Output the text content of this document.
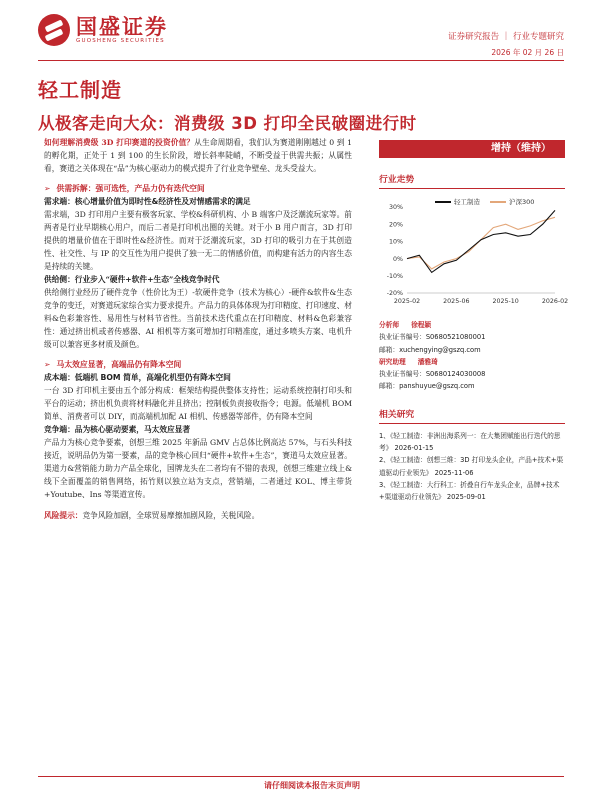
国盛证券
GUOSHENG SECURITIES	证券研究报告 ｜ 行业专题研究
2026 年 02 月 26 日
轻工制造
从极客走向大众：消费级 3D 打印全民破圈进行时

如何理解消费级 3D 打印赛道的投资价值？从生命周期看，我们认为赛道刚刚越过 0 到 1 的孵化期，正处于 1 到 100 的生长阶段，增长斜率陡峭，不断受益于供需共振；从属性看，赛道之关体现在“品”为核心驱动力的模式提升了行业竞争壁垒、龙头受益大。

➢ 供需拆解：强可选性，产品力仍有迭代空间

需求端：核心增量价值为即时性&经济性及对情感需求的满足

需求端，3D 打印用户主要有极客玩家、学校&科研机构、小 B 端客户及泛潮流玩家等。前两者是行业早期核心用户，而后二者是打印机出圈的关键。对于小 B 用户而言，3D 打印提供的增量价值在于即时性&经济性。而对于泛潮流玩家，3D 打印的吸引力在于其创造性、社交性、与 IP 的交互性为用户提供了独一无二的情感价值，而构建有活力的内容生态是持续的关键。

供给侧：行业步入“硬件+软件+生态”全栈竞争时代

供给侧行业经历了硬件竞争（性价比为王）-软硬件竞争（技术为核心）-硬件&软件&生态竞争的变迁，对赛道玩家综合实力要求提升。产品力的具体体现为打印精度、打印速度、材料&色彩兼容性、易用性与材料节省性。当前技术迭代重点在打印精度、材料&色彩兼容性：通过挤出机或者传感器、AI 相机等方案可增加打印精准度，通过多喷头方案、电机升级可以兼容更多材质及颜色。

➢ 马太效应显著，高端品仍有降本空间

成本端：低端机 BOM 简单，高端化机型仍有降本空间

一台 3D 打印机主要由五个部分构成：框架结构提供整体支持性；运动系统控制打印头和平台的运动；挤出机负责将材料融化并且挤出；控制板负责接收指令；电源。低端机 BOM 简单、消费者可以 DIY，而高端机加配 AI 相机、传感器等部件，仍有降本空间

竞争端：品为核心驱动要素，马太效应显著

产品力为核心竞争要素，创想三维 2025 年新品 GMV 占总体比例高达 57%，与石头科技接近，说明品仍为第一要素，品的竞争核心回归“硬件+软件+生态”，赛道马太效应显著。渠道力&营销能力助力产品全球化，国牌龙头在二者均有不错的表现，创想三维建立线上&线下全面覆盖的销售网络，拓竹则以独立站为支点，营销端，二者通过 KOL、博主带货+Youtube、Ins 等渠道宣传。

风险提示：竞争风险加剧，全球贸易摩擦加剧风险，关税风险。

增持（维持）
行业走势
轻工制造	沪深300
30%
20%
10%
0%
-10%
-20%
2025-02	2025-06	2025-10	2026-02
分析师 徐程颖
执业证书编号：S0680521080001
邮箱：xuchengying@gszq.com
研究助理 潘雅琦
执业证书编号：S0680124030008
邮箱：panshuyue@gszq.com
相关研究
1、《轻工制造：非洲出海系列一：在大集团赋能出行迭代的思考》 2026-01-15
2、《轻工制造：创想三维：3D 打印龙头企业，产品+技术+渠道驱动行业领先》 2025-11-06
3、《轻工制造：大行科工：折叠自行车龙头企业，品牌+技术+渠道驱动行业领先》 2025-09-01
请仔细阅读本报告末页声明
